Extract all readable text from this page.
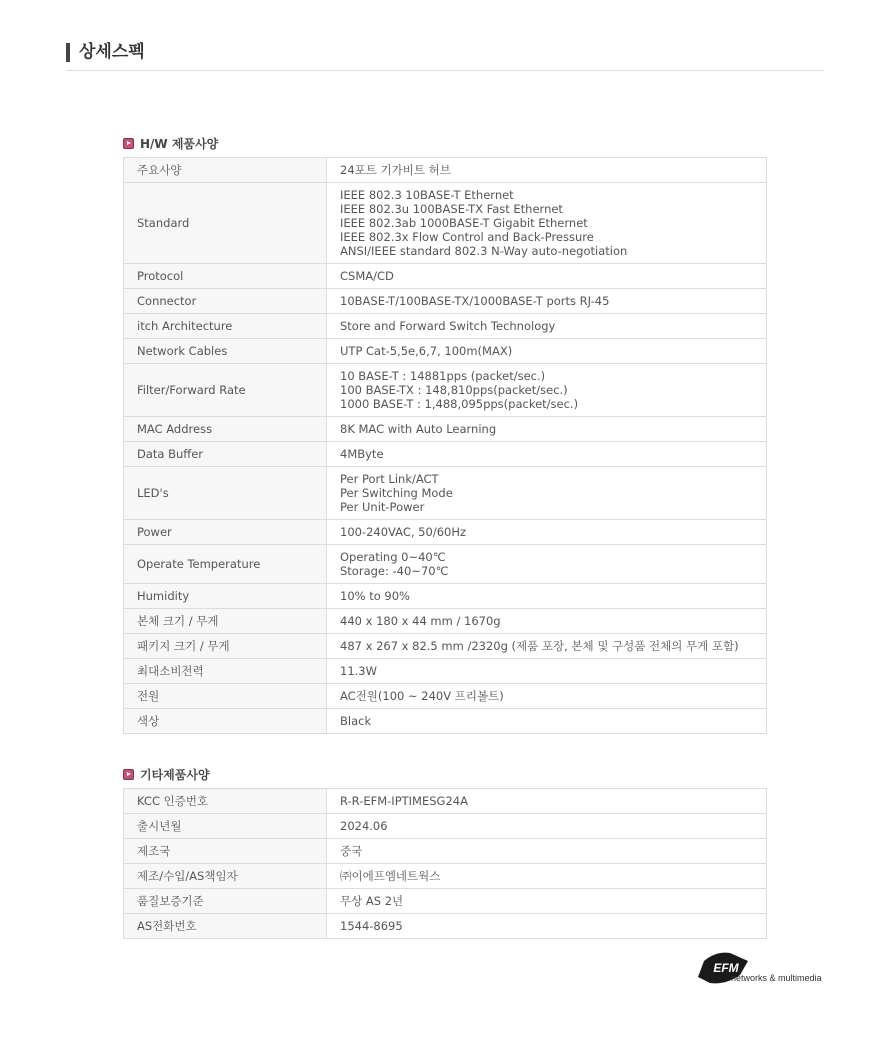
상세스펙
H/W 제품사양
주요사양	24포트 기가비트 허브

Standard	IEEE 802.3 10BASE-T Ethernet
IEEE 802.3u 100BASE-TX Fast Ethernet
IEEE 802.3ab 1000BASE-T Gigabit Ethernet
IEEE 802.3x Flow Control and Back-Pressure
ANSI/IEEE standard 802.3 N-Way auto-negotiation

Protocol	CSMA/CD

Connector	10BASE-T/100BASE-TX/1000BASE-T ports RJ-45

itch Architecture	Store and Forward Switch Technology

Network Cables	UTP Cat-5,5e,6,7, 100m(MAX)

Filter/Forward Rate	10 BASE-T : 14881pps (packet/sec.)
100 BASE-TX : 148,810pps(packet/sec.)
1000 BASE-T : 1,488,095pps(packet/sec.)

MAC Address	8K MAC with Auto Learning

Data Buffer	4MByte

LED's	Per Port Link/ACT
Per Switching Mode
Per Unit-Power

Power	100-240VAC, 50/60Hz

Operate Temperature	Operating 0~40℃
Storage: -40~70℃

Humidity	10% to 90%

본체 크기 / 무게	440 x 180 x 44 mm / 1670g

패키지 크기 / 무게	487 x 267 x 82.5 mm /2320g (제품 포장, 본체 및 구성품 전체의 무게 포함)

최대소비전력	11.3W

전원	AC전원(100 ~ 240V 프리볼트)

색상	Black
기타제품사양
KCC 인증번호	R-R-EFM-IPTIMESG24A

출시년월	2024.06

제조국	중국

제조/수입/AS책임자	㈜이에프엠네트웍스

품질보증기준	무상 AS 2년

AS전화번호	1544-8695
EFM
networks & multimedia
